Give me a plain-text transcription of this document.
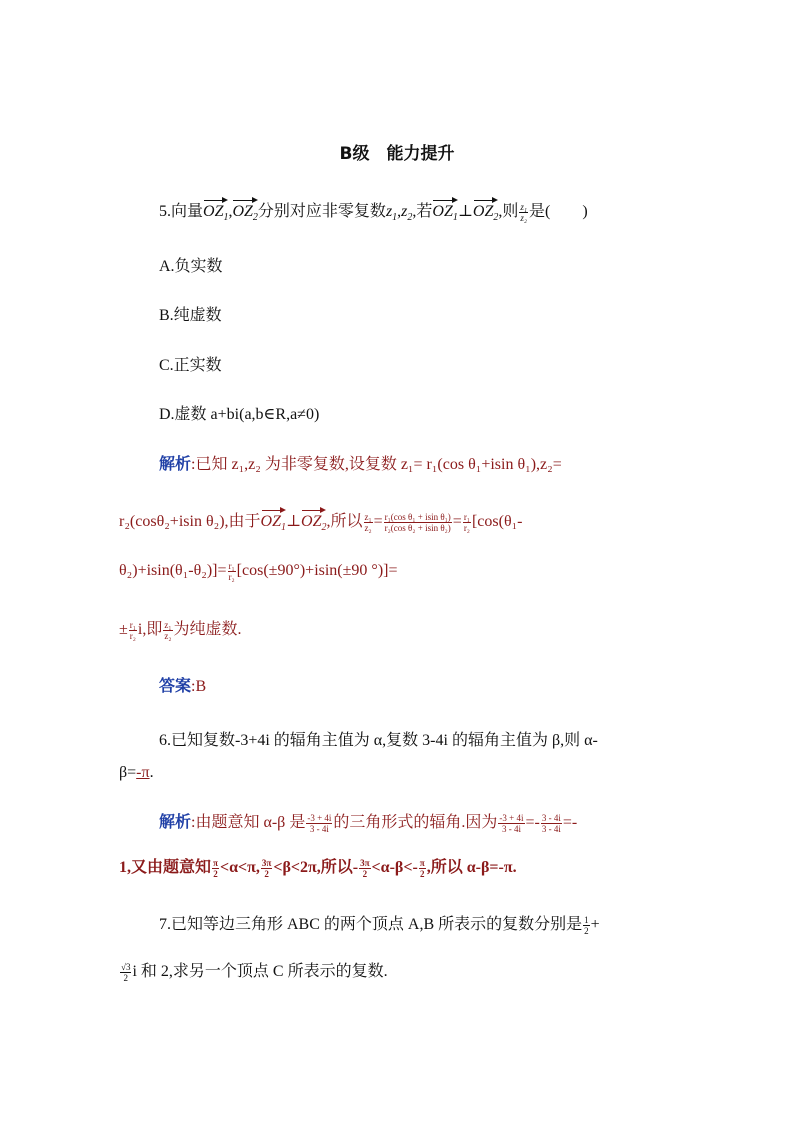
B级　能力提升
5.向量$OZ_1,OZ_2$分别对应非零复数$z_1,z_2$,若$OZ_1\perp OZ_2$,则 $\frac{\text{z₁}}{\text{z₂}}$ 是(　　)
A.负实数
B.纯虚数
C.正实数
D.虚数 a+bi(a,b∈R,a≠0)
解析:已知 z₁,z₂ 为非零复数,设复数 z₁= r₁(cos θ₁+isin θ₁),z₂=
r₂(cosθ₂+isin θ₂),由于$OZ_1\perp OZ_2$,所以 $\frac{\text{z₁}}{\text{z₂}} = \frac{\text{r₁(cos θ₁ + isin θ₁)}}{\text{r₂(cos θ₂ + isin θ₂)}} = \frac{\text{r₁}}{\text{r₂}} [\cos(\theta_1-$
$\theta_2)+isin(\theta_1-\theta_2)]= \frac{\text{r₁}}{\text{r₂}} [\cos(\pm 90^\circ)+isin(\pm 90$ °)]=
± $\frac{\text{r₁}}{\text{r₂}} i$,即 $\frac{\text{z₁}}{\text{z₂}}$ 为纯虚数.
答案:B
6.已知复数-3+4i 的辐角主值为 α,复数 3-4i 的辐角主值为 β,则 α-
β=-π.
解析:由题意知 α-β 是 $\frac{-3 + 4i}{3 - 4i}$ 的三角形式的辐角.因为 $\frac{-3 + 4i}{3 - 4i} =- \frac{3 - 4i}{3 - 4i}$ =-
1,又由题意知 $\frac{\pi}{2} <\alpha<\pi$, $\frac{3\pi}{2} <\beta<2\pi$,所以- $\frac{3\pi}{2} <\alpha-\beta<- \frac{\pi}{2}$ ,所以 α-β=-π.
7.已知等边三角形 ABC 的两个顶点 A,B 所表示的复数分别是 $\frac{1}{2}$ +
$\frac{√3}{2}$ i 和 2,求另一个顶点 C 所表示的复数.
